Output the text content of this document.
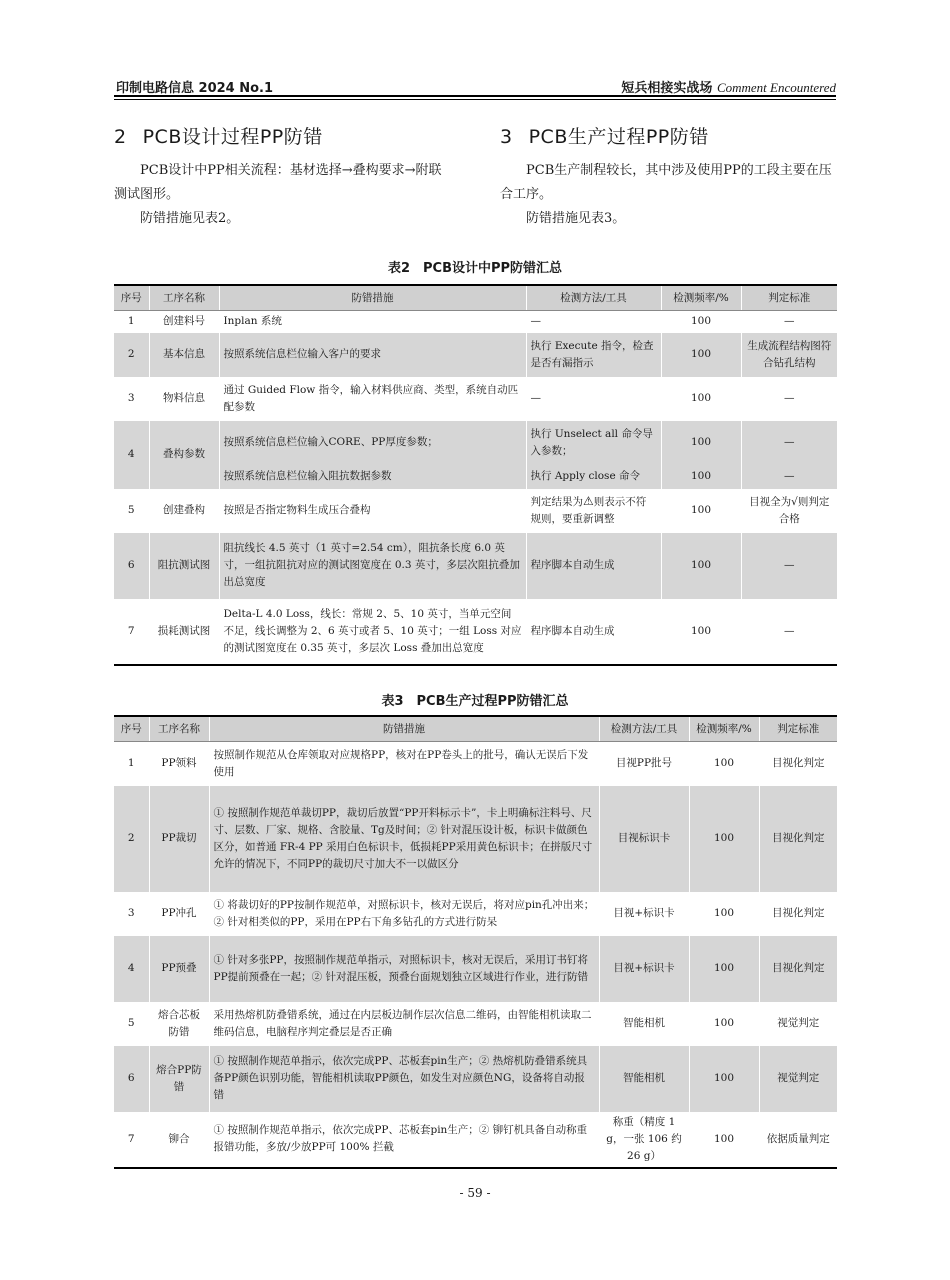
印制电路信息 2024 No.1	短兵相接实战场 Comment Encountered
2 PCB设计过程PP防错

PCB设计中PP相关流程：基材选择→叠构要求→附联测试图形。

防错措施见表2。

3 PCB生产过程PP防错

PCB生产制程较长，其中涉及使用PP的工段主要在压合工序。

防错措施见表3。

表2　PCB设计中PP防错汇总
序号	工序名称	防错措施	检测方法/工具	检测频率/%	判定标准
1	创建料号	Inplan 系统	—	100	—
2	基本信息	按照系统信息栏位输入客户的要求	执行 Execute 指令，检查是否有漏指示	100	生成流程结构图符合钻孔结构
3	物料信息	通过 Guided Flow 指令，输入材料供应商、类型，系统自动匹配参数	—	100	—
4	叠构参数	按照系统信息栏位输入CORE、PP厚度参数；	执行 Unselect all 命令导入参数；	100	—
		按照系统信息栏位输入阻抗数据参数	执行 Apply close 命令	100	—
5	创建叠构	按照是否指定物料生成压合叠构	判定结果为⚠则表示不符规则，要重新调整	100	目视全为√则判定合格
6	阻抗测试图	阻抗线长 4.5 英寸（1 英寸=2.54 cm），阻抗条长度 6.0 英寸，一组抗阻抗对应的测试图宽度在 0.3 英寸，多层次阻抗叠加出总宽度	程序脚本自动生成	100	—
7	损耗测试图	Delta-L 4.0 Loss，线长：常规 2、5、10 英寸，当单元空间不足，线长调整为 2、6 英寸或者 5、10 英寸；一组 Loss 对应的测试图宽度在 0.35 英寸，多层次 Loss 叠加出总宽度	程序脚本自动生成	100	—
表3　PCB生产过程PP防错汇总
序号	工序名称	防错措施	检测方法/工具	检测频率/%	判定标准
1	PP领料	按照制作规范从仓库领取对应规格PP，核对在PP卷头上的批号，确认无误后下发使用	目视PP批号	100	目视化判定
2	PP裁切	① 按照制作规范单裁切PP，裁切后放置“PP开料标示卡”，卡上明确标注料号、尺寸、层数、厂家、规格、含胶量、Tg及时间；② 针对混压设计板，标识卡做颜色区分，如普通 FR-4 PP 采用白色标识卡，低损耗PP采用黄色标识卡；在拼版尺寸允许的情况下，不同PP的裁切尺寸加大不一以做区分	目视标识卡	100	目视化判定
3	PP冲孔	① 将裁切好的PP按制作规范单，对照标识卡，核对无误后，将对应pin孔冲出来；② 针对相类似的PP，采用在PP右下角多钻孔的方式进行防呆	目视+标识卡	100	目视化判定
4	PP预叠	① 针对多张PP，按照制作规范单指示，对照标识卡，核对无误后，采用订书钉将PP提前预叠在一起；② 针对混压板，预叠台面规划独立区域进行作业，进行防错	目视+标识卡	100	目视化判定
5	熔合芯板防错	采用热熔机防叠错系统，通过在内层板边制作层次信息二维码，由智能相机读取二维码信息，电脑程序判定叠层是否正确	智能相机	100	视觉判定
6	熔合PP防错	① 按照制作规范单指示，依次完成PP、芯板套pin生产；② 热熔机防叠错系统具备PP颜色识别功能，智能相机读取PP颜色，如发生对应颜色NG，设备将自动报错	智能相机	100	视觉判定
7	铆合	① 按照制作规范单指示，依次完成PP、芯板套pin生产；② 铆钉机具备自动称重报错功能，多放/少放PP可 100% 拦截	称重（精度 1 g，一张 106 约 26 g）	100	依据质量判定
- 59 -
